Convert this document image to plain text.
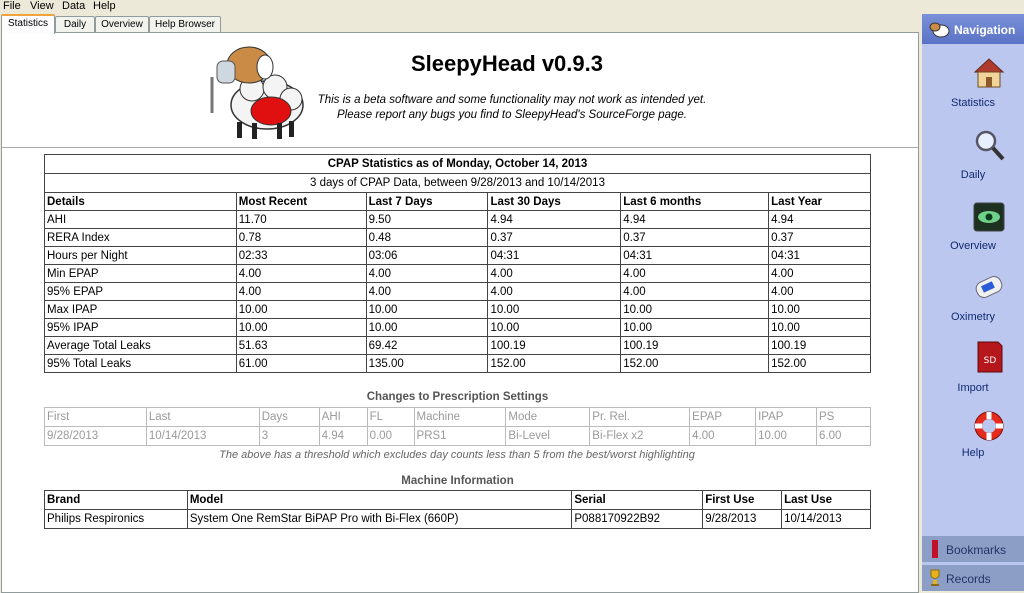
File View Data Help
Statistics	Daily	Overview	Help Browser
SleepyHead v0.9.3
This is a beta software and some functionality may not work as intended yet.
Please report any bugs you find to SleepyHead's SourceForge page.
CPAP Statistics as of Monday, October 14, 2013					
3 days of CPAP Data, between 9/28/2013 and 10/14/2013					
Details	Most Recent	Last 7 Days	Last 30 Days	Last 6 months	Last Year
AHI	11.70	9.50	4.94	4.94	4.94
RERA Index	0.78	0.48	0.37	0.37	0.37
Hours per Night	02:33	03:06	04:31	04:31	04:31
Min EPAP	4.00	4.00	4.00	4.00	4.00
95% EPAP	4.00	4.00	4.00	4.00	4.00
Max IPAP	10.00	10.00	10.00	10.00	10.00
95% IPAP	10.00	10.00	10.00	10.00	10.00
Average Total Leaks	51.63	69.42	100.19	100.19	100.19
95% Total Leaks	61.00	135.00	152.00	152.00	152.00
Changes to Prescription Settings
First	Last	Days	AHI	FL	Machine	Mode	Pr. Rel.	EPAP	IPAP	PS
9/28/2013	10/14/2013	3	4.94	0.00	PRS1	Bi-Level	Bi-Flex x2	4.00	10.00	6.00
The above has a threshold which excludes day counts less than 5 from the best/worst highlighting
Machine Information
Brand	Model	Serial	First Use	Last Use
Philips Respironics	System One RemStar BiPAP Pro with Bi-Flex (660P)	P088170922B92	9/28/2013	10/14/2013
Navigation
Statistics
Daily
Overview
Oximetry
SD
Import
Help
Bookmarks
Records
